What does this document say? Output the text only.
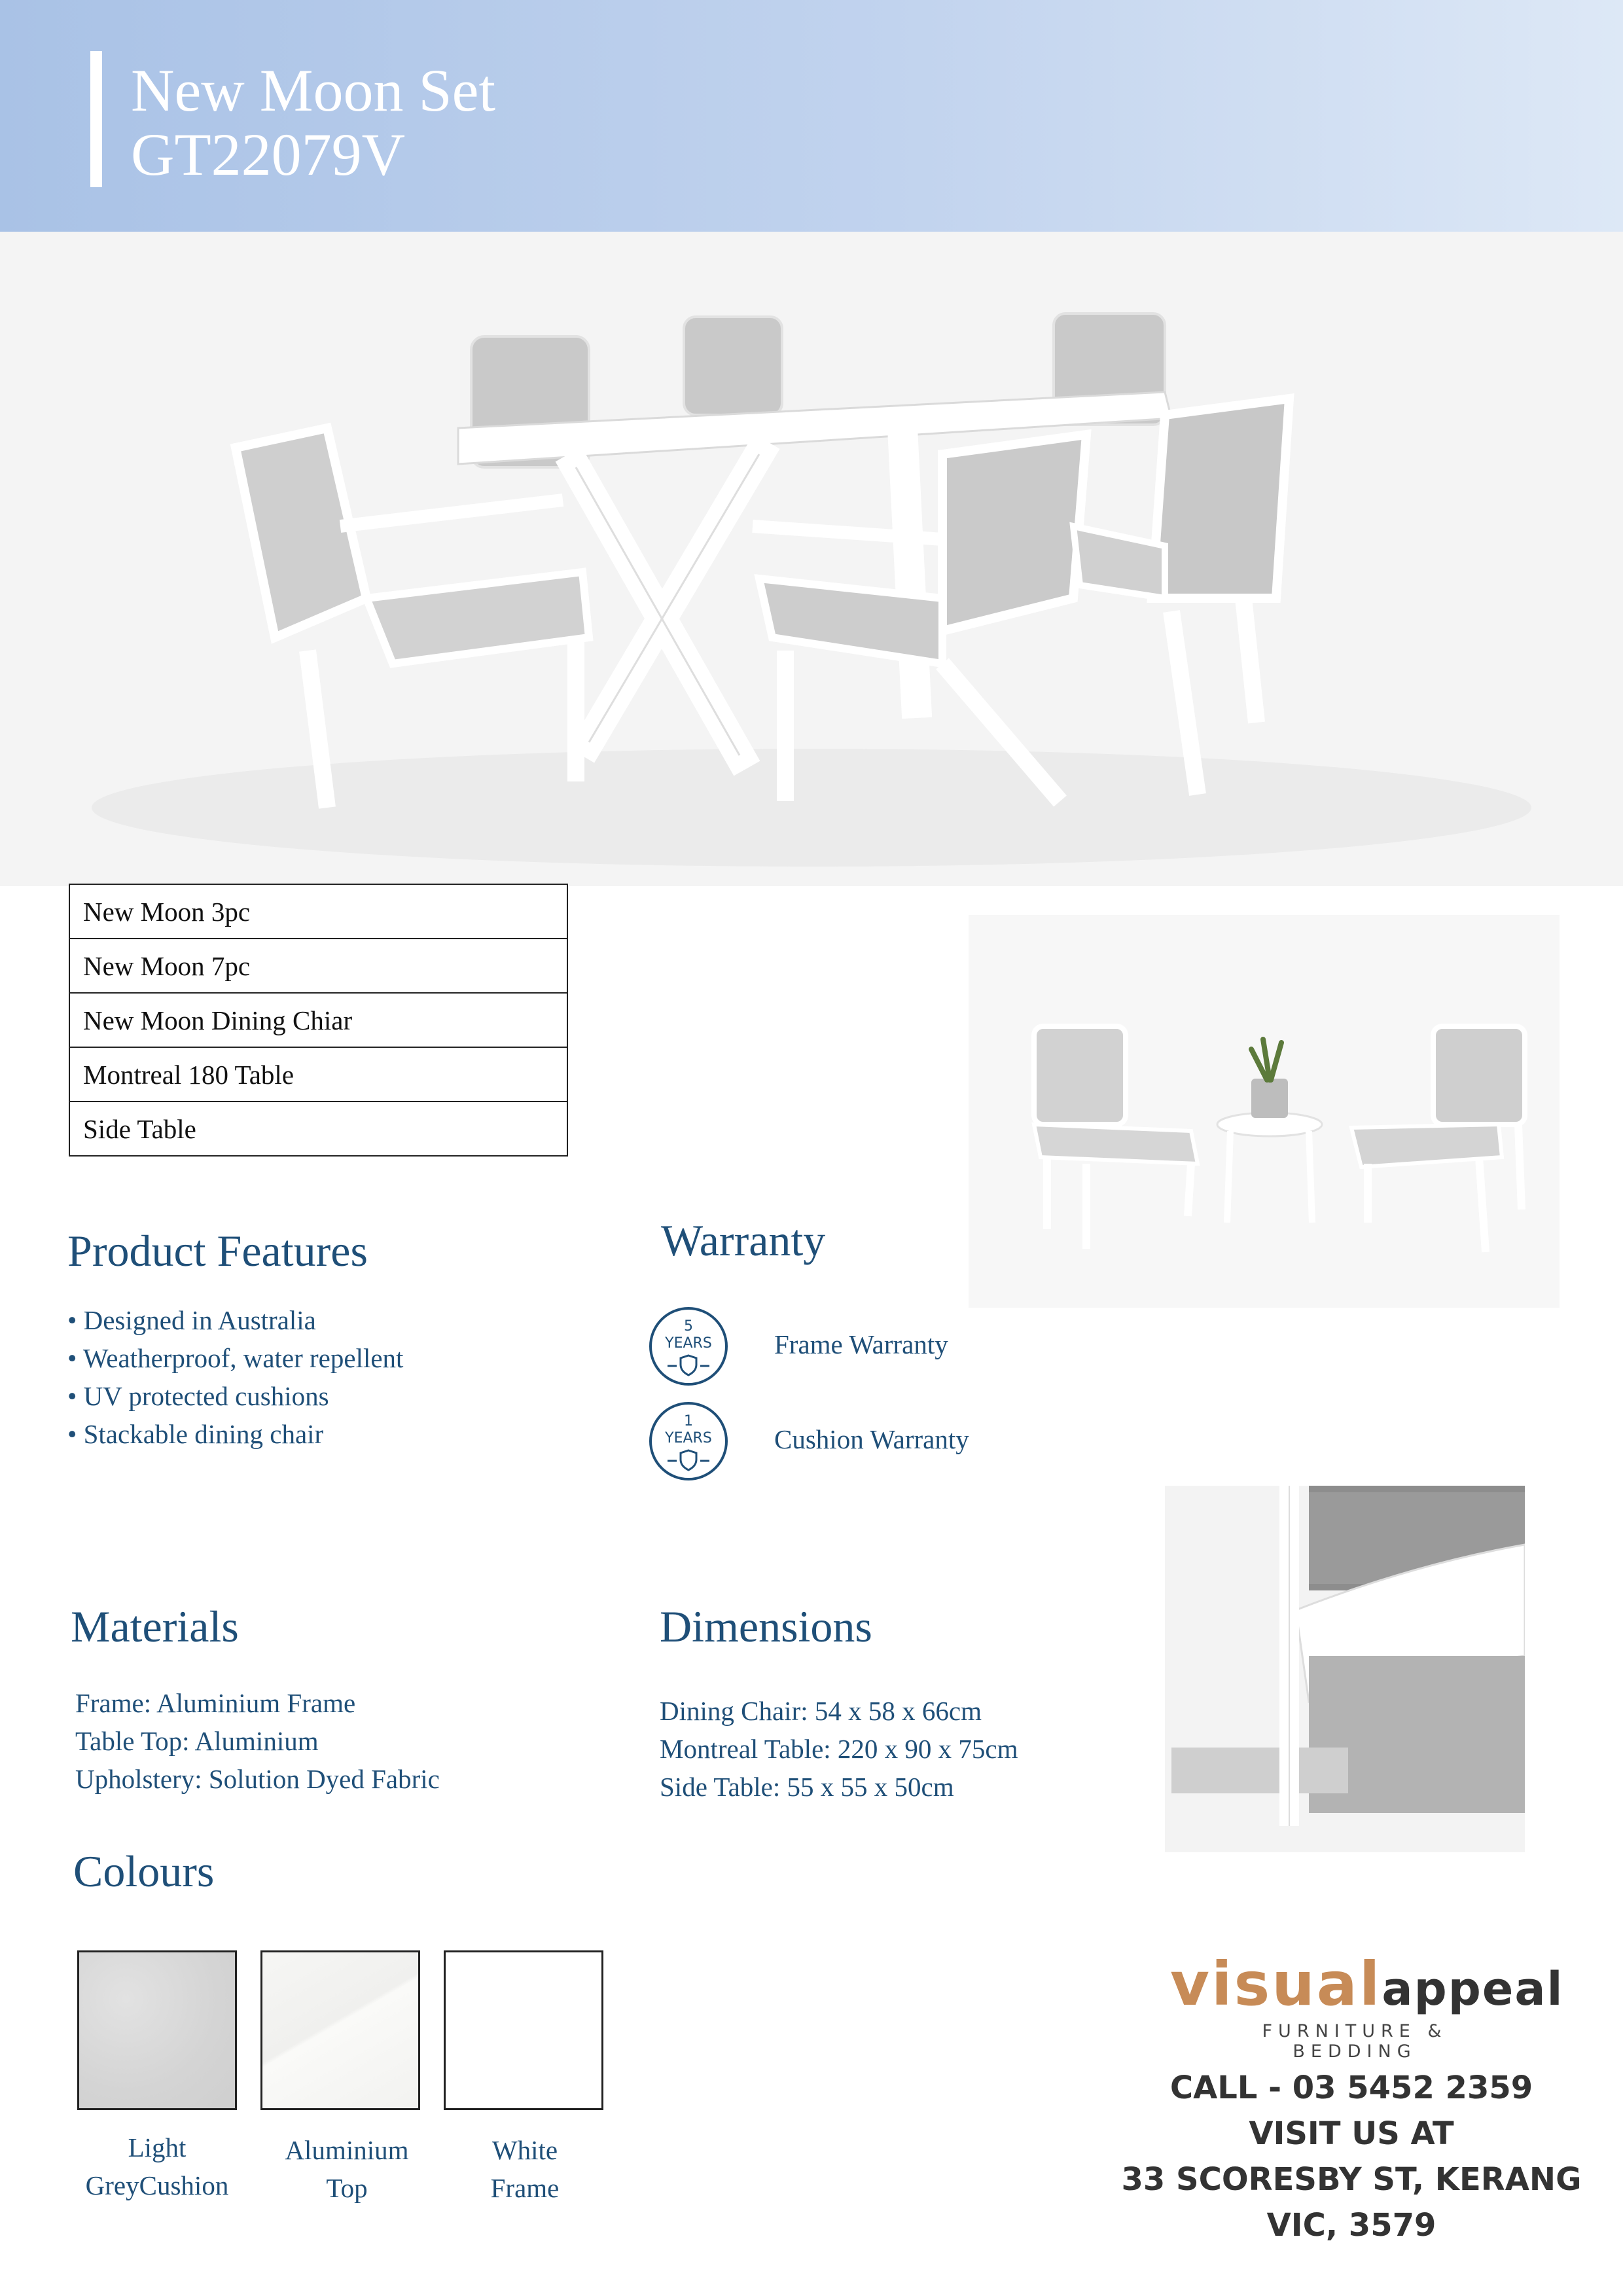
New Moon Set
GT22079V
New Moon 3pc
New Moon 7pc
New Moon Dining Chiar
Montreal 180 Table
Side Table
Product Features
• Designed in Australia
• Weatherproof, water repellent
• UV protected cushions
• Stackable dining chair
Warranty
5
YEARS Frame Warranty
1
YEARS Cushion Warranty
Materials
Frame: Aluminium Frame
Table Top: Aluminium
Upholstery: Solution Dyed Fabric
Dimensions
Dining Chair: 54 x 58 x 66cm
Montreal Table: 220 x 90 x 75cm
Side Table: 55 x 55 x 50cm
Colours
Light
GreyCushion
Aluminium
Top
White
Frame
visualappeal
FURNITURE & BEDDING
CALL - 03 5452 2359
VISIT US AT
33 SCORESBY ST, KERANG
VIC, 3579
